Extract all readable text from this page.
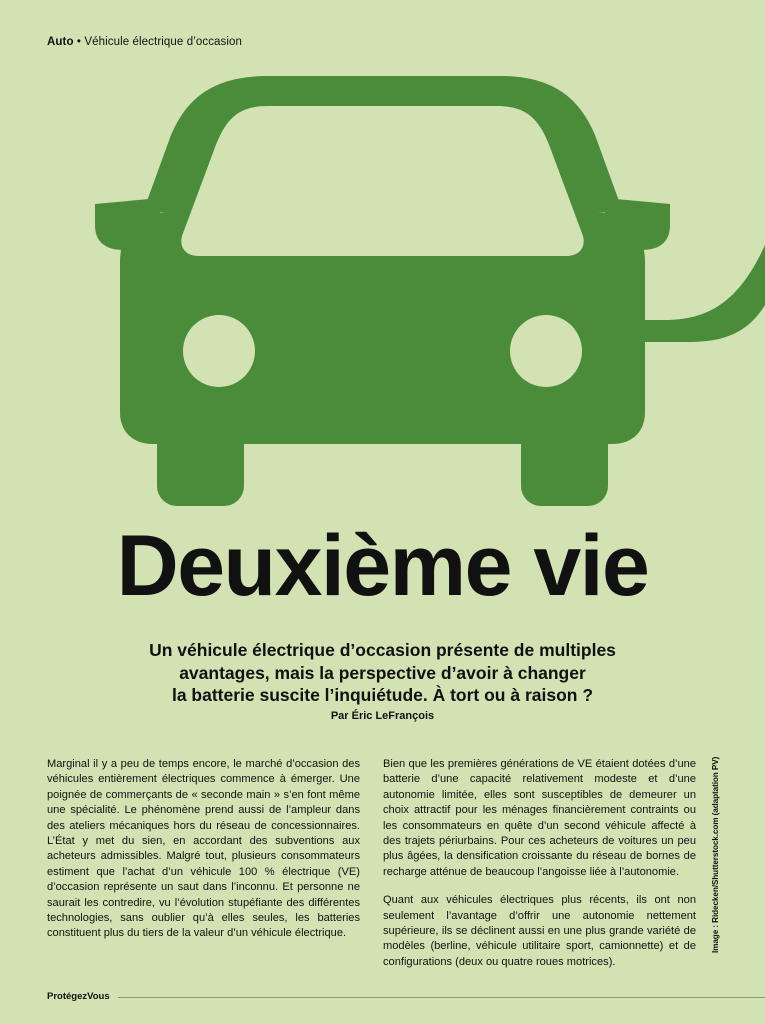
Auto • Véhicule électrique d’occasion
Deuxième vie

Un véhicule électrique d’occasion présente de multiples
avantages, mais la perspective d’avoir à changer
la batterie suscite l’inquiétude. À tort ou à raison ?

Par Éric LeFrançois

Marginal il y a peu de temps encore, le marché d’occasion des véhicules entièrement électriques commence à émerger. Une poignée de commerçants de « seconde main » s’en font même une spécialité. Le phénomène prend aussi de l’ampleur dans des ateliers mécaniques hors du réseau de concessionnaires. L’État y met du sien, en accordant des subventions aux acheteurs admissibles. Malgré tout, plusieurs consommateurs estiment que l’achat d’un véhicule 100 % électrique (VE) d’occasion représente un saut dans l’inconnu. Et personne ne saurait les contredire, vu l’évolution stupéfiante des différentes technologies, sans oublier qu’à elles seules, les batteries constituent plus du tiers de la valeur d’un véhicule électrique.

Bien que les premières générations de VE étaient dotées d’une batterie d’une capacité relativement modeste et d’une autonomie limitée, elles sont susceptibles de demeurer un choix attractif pour les ménages financièrement contraints ou les consommateurs en quête d’un second véhicule affecté à des trajets périurbains. Pour ces acheteurs de voitures un peu plus âgées, la densification croissante du réseau de bornes de recharge atténue de beaucoup l’angoisse liée à l’autonomie.

Quant aux véhicules électriques plus récents, ils ont non seulement l’avantage d’offrir une autonomie nettement supérieure, ils se déclinent aussi en une plus grande variété de modèles (berline, véhicule utilitaire sport, camionnette) et de configurations (deux ou quatre roues motrices).

Image : Ridecken/Shutterstock.com (adaptation PV)
ProtégezVous
